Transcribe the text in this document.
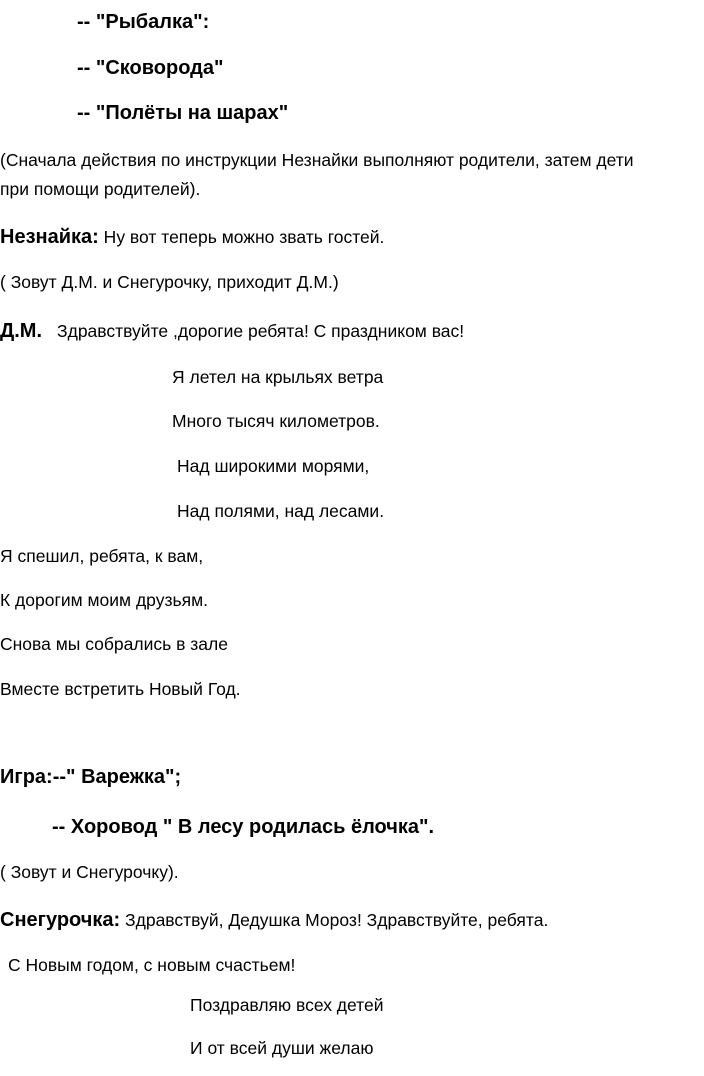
-- "Рыбалка":
-- "Сковорода"
-- "Полёты на шарах"
(Сначала действия по инструкции Незнайки выполняют родители, затем дети
при помощи родителей).
Незнайка: Ну вот теперь можно звать гостей.
( Зовут Д.М. и Снегурочку, приходит Д.М.)
Д.М. Здравствуйте ,дорогие ребята! С праздником вас!
Я летел на крыльях ветра
Много тысяч километров.
Над широкими морями,
Над полями, над лесами.
Я спешил, ребята, к вам,
К дорогим моим друзьям.
Снова мы собрались в зале
Вместе встретить Новый Год.
Игра:--" Варежка";
-- Хоровод " В лесу родилась ёлочка".
( Зовут и Снегурочку).
Снегурочка: Здравствуй, Дедушка Мороз! Здравствуйте, ребята.
С Новым годом, с новым счастьем!
Поздравляю всех детей
И от всей души желаю
